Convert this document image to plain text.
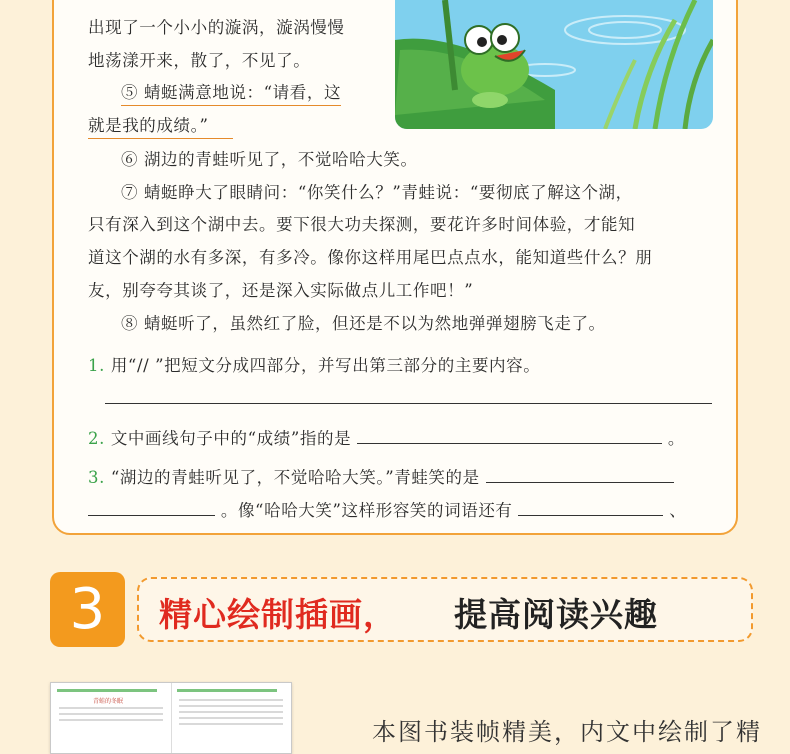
出现了一个小小的漩涡，漩涡慢慢
地荡漾开来，散了，不见了。
⑤ 蜻蜓满意地说：“请看，这
就是我的成绩。”
⑥ 湖边的青蛙听见了，不觉哈哈大笑。
⑦ 蜻蜓睁大了眼睛问：“你笑什么？”青蛙说：“要彻底了解这个湖，
只有深入到这个湖中去。要下很大功夫探测，要花许多时间体验，才能知
道这个湖的水有多深，有多冷。像你这样用尾巴点点水，能知道些什么？朋
友，别夸夸其谈了，还是深入实际做点儿工作吧！”
⑧ 蜻蜓听了，虽然红了脸，但还是不以为然地弹弹翅膀飞走了。
1. 用“// ”把短文分成四部分，并写出第三部分的主要内容。
2. 文中画线句子中的“成绩”指的是	。
3. “湖边的青蛙听见了，不觉哈哈大笑。”青蛙笑的是
。像“哈哈大笑”这样形容笑的词语还有	、
3	精心绘制插画， 提高阅读兴趣
青蛙的冬眠
本图书装帧精美，内文中绘制了精
